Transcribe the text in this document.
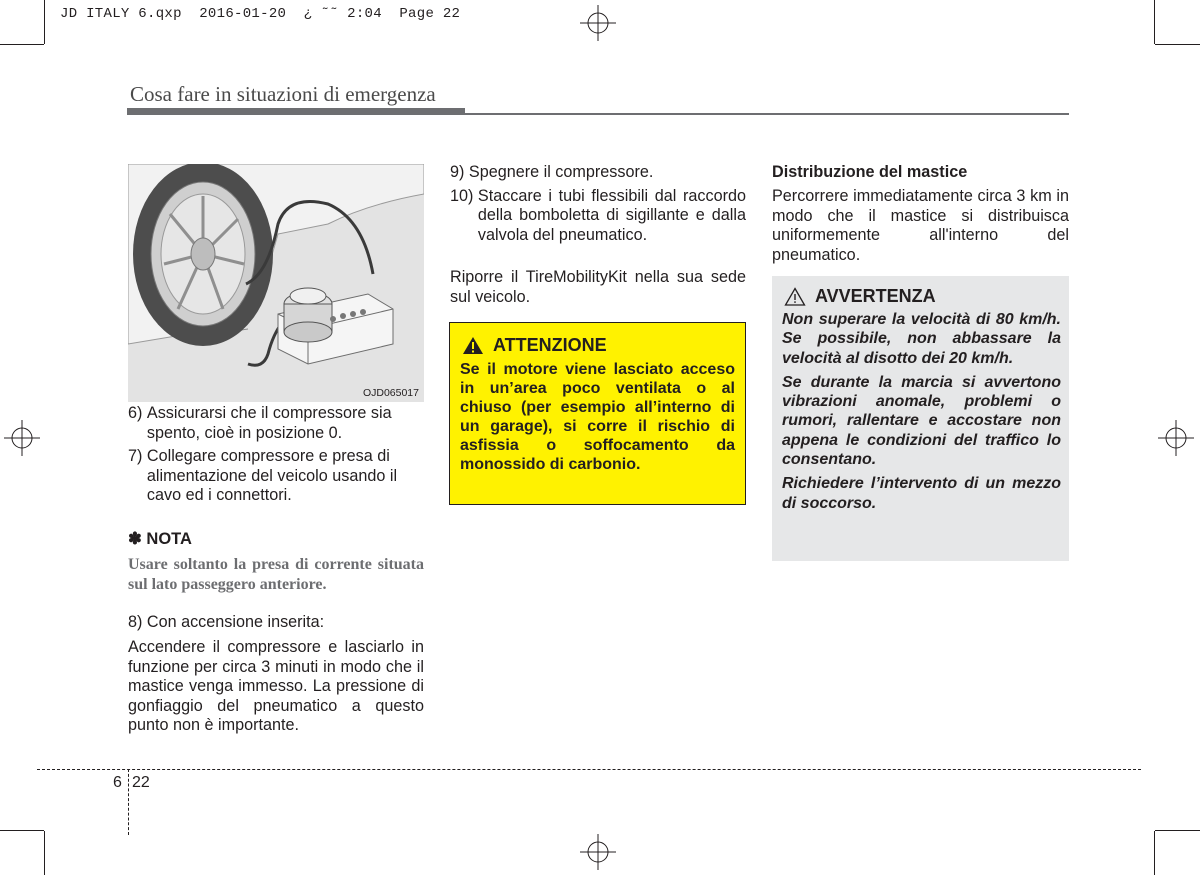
JD ITALY 6.qxp  2016-01-20  ¿ ˜˜ 2:04  Page 22
Cosa fare in situazioni di emergenza
OJD065017
6) Assicurarsi che il compressore sia spento, cioè in posizione 0.
7) Collegare compressore e presa di alimentazione del veicolo usando il cavo ed i connettori.
✽ NOTA
Usare soltanto la presa di corrente situata sul lato passeggero anteriore.
8) Con accensione inserita:
Accendere il compressore e lasciarlo in funzione per circa 3 minuti in modo che il mastice venga immesso. La pressione di gonfiaggio del pneumatico a questo punto non è importante.
9) Spegnere il compressore.
10) Staccare i tubi flessibili dal raccordo della bomboletta di sigillante e dalla valvola del pneumatico.
Riporre il TireMobilityKit nella sua sede sul veicolo.
ATTENZIONE
Se il motore viene lasciato acceso in un’area poco ventilata o al chiuso (per esempio all’interno di un garage), si corre il rischio di asfissia o soffocamento da monossido di carbonio.
Distribuzione del mastice
Percorrere immediatamente circa 3 km in modo che il mastice si distribuisca uniformemente all'interno del pneumatico.
AVVERTENZA

Non superare la velocità di 80 km/h. Se possibile, non abbassare la velocità al disotto dei 20 km/h.

Se durante la marcia si avvertono vibrazioni anomale, problemi o rumori, rallentare e accostare non appena le condizioni del traffico lo consentano.

Richiedere l’intervento di un mezzo di soccorso.

6 22
